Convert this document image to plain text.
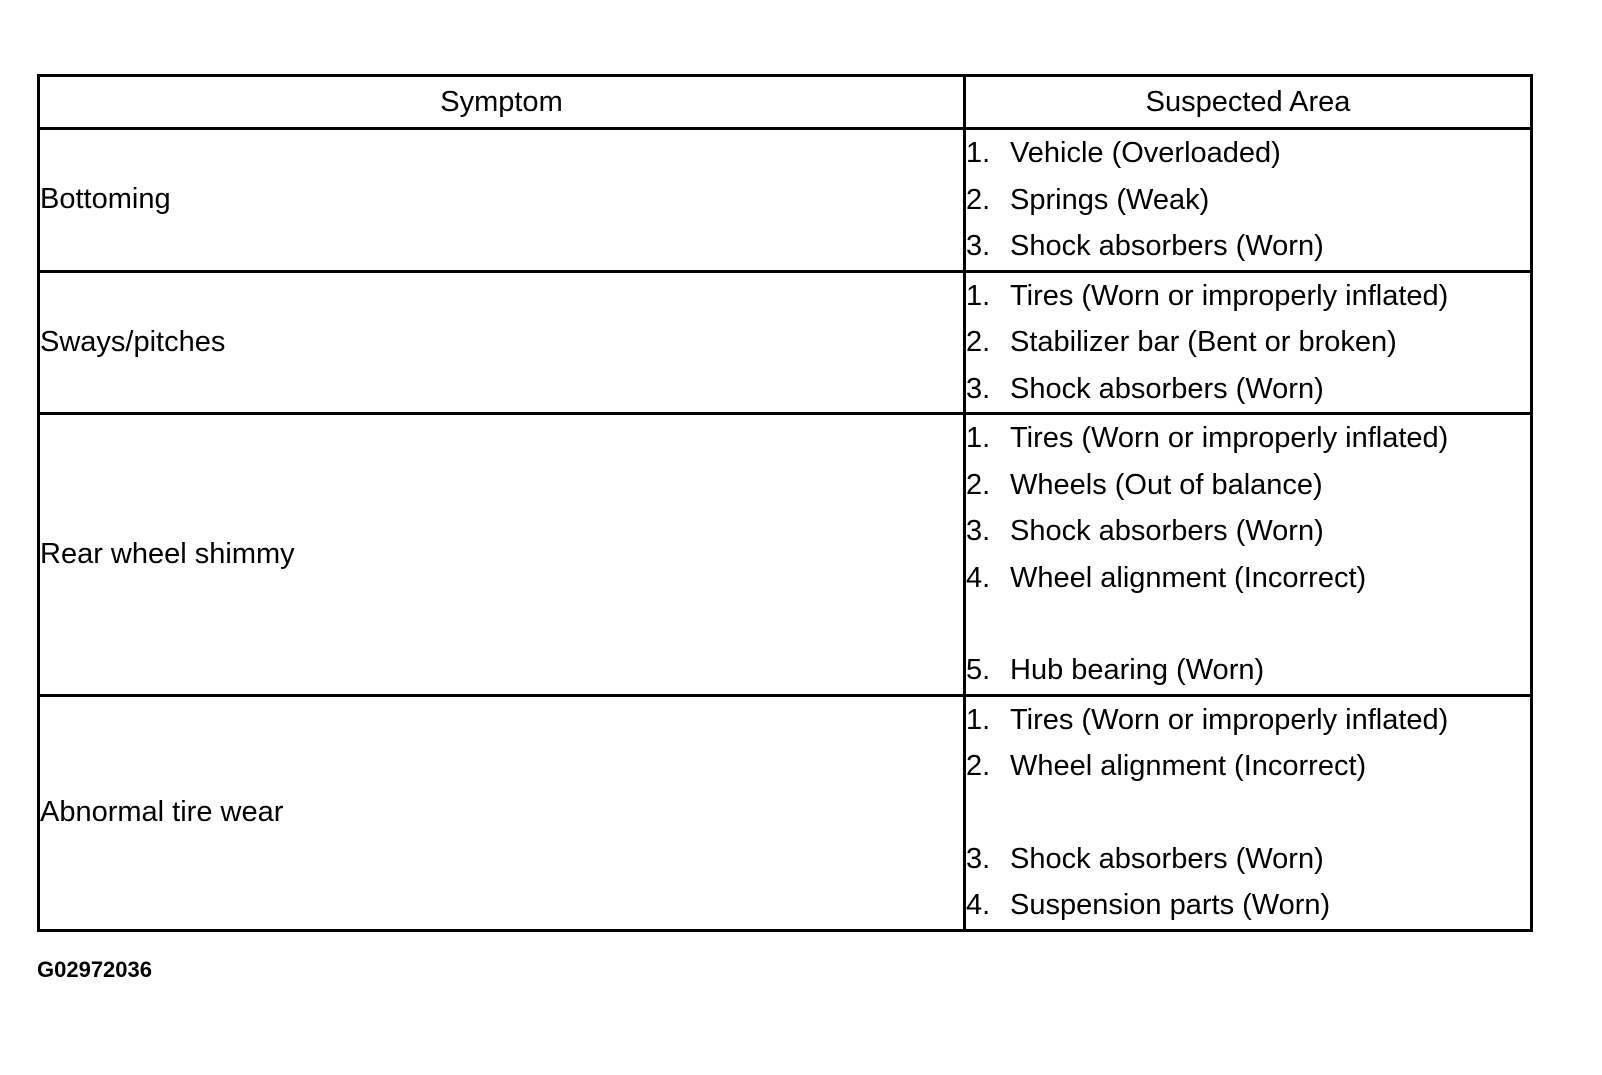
Symptom	Suspected Area
Bottoming	1. Vehicle (Overloaded)
2. Springs (Weak)
3. Shock absorbers (Worn)

Sways/pitches	1. Tires (Worn or improperly inflated)
2. Stabilizer bar (Bent or broken)
3. Shock absorbers (Worn)

Rear wheel shimmy	1. Tires (Worn or improperly inflated)
2. Wheels (Out of balance)
3. Shock absorbers (Worn)
4. Wheel alignment (Incorrect)
5. Hub bearing (Worn)

Abnormal tire wear	1. Tires (Worn or improperly inflated)
2. Wheel alignment (Incorrect)
3. Shock absorbers (Worn)
4. Suspension parts (Worn)
G02972036
